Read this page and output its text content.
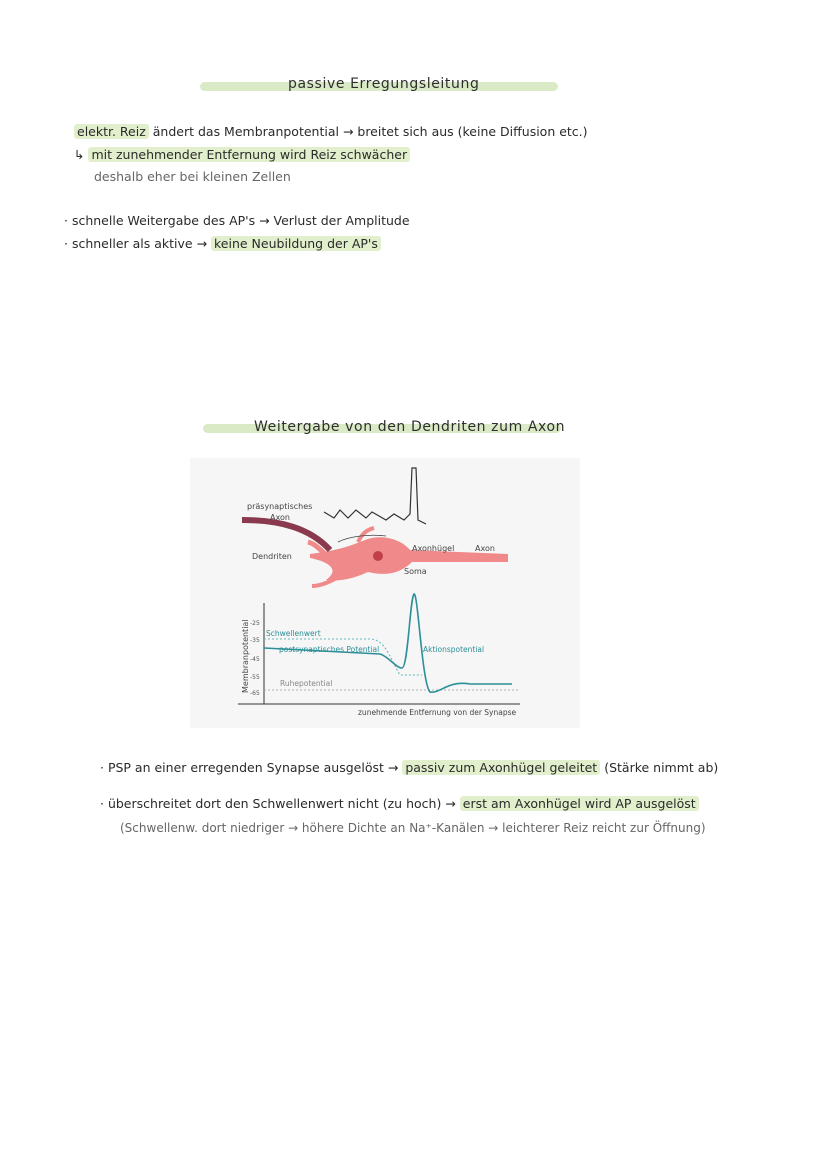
passive Erregungsleitung
elektr. Reiz ändert das Membranpotential → breitet sich aus (keine Diffusion etc.)
↳ mit zunehmender Entfernung wird Reiz schwächer
deshalb eher bei kleinen Zellen
· schnelle Weitergabe des AP's → Verlust der Amplitude
· schneller als aktive → keine Neubildung der AP's
Weitergabe von den Dendriten zum Axon
präsynaptisches
Axon
Dendriten
Axonhügel	Axon
Soma
Membranpotential
zunehmende Entfernung von der Synapse
-25
-35
-45
-55
-65
Schwellenwert
postsynaptisches Potential	Aktionspotential
Ruhepotential
· PSP an einer erregenden Synapse ausgelöst → passiv zum Axonhügel geleitet (Stärke nimmt ab)
· überschreitet dort den Schwellenwert nicht (zu hoch) → erst am Axonhügel wird AP ausgelöst
(Schwellenw. dort niedriger → höhere Dichte an Na⁺-Kanälen → leichterer Reiz reicht zur Öffnung)
